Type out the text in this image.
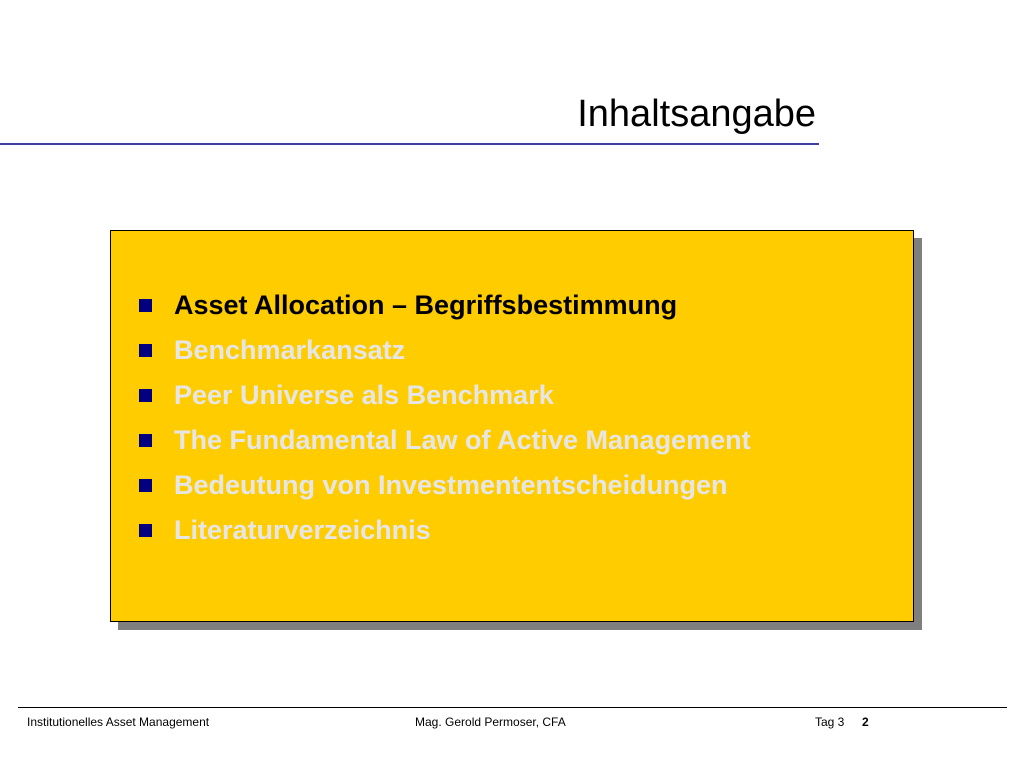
Inhaltsangabe
Asset Allocation – Begriffsbestimmung
Benchmarkansatz
Peer Universe als Benchmark
The Fundamental Law of Active Management
Bedeutung von Investmententscheidungen
Literaturverzeichnis
Institutionelles Asset Management	Mag. Gerold Permoser, CFA	Tag 3 2
